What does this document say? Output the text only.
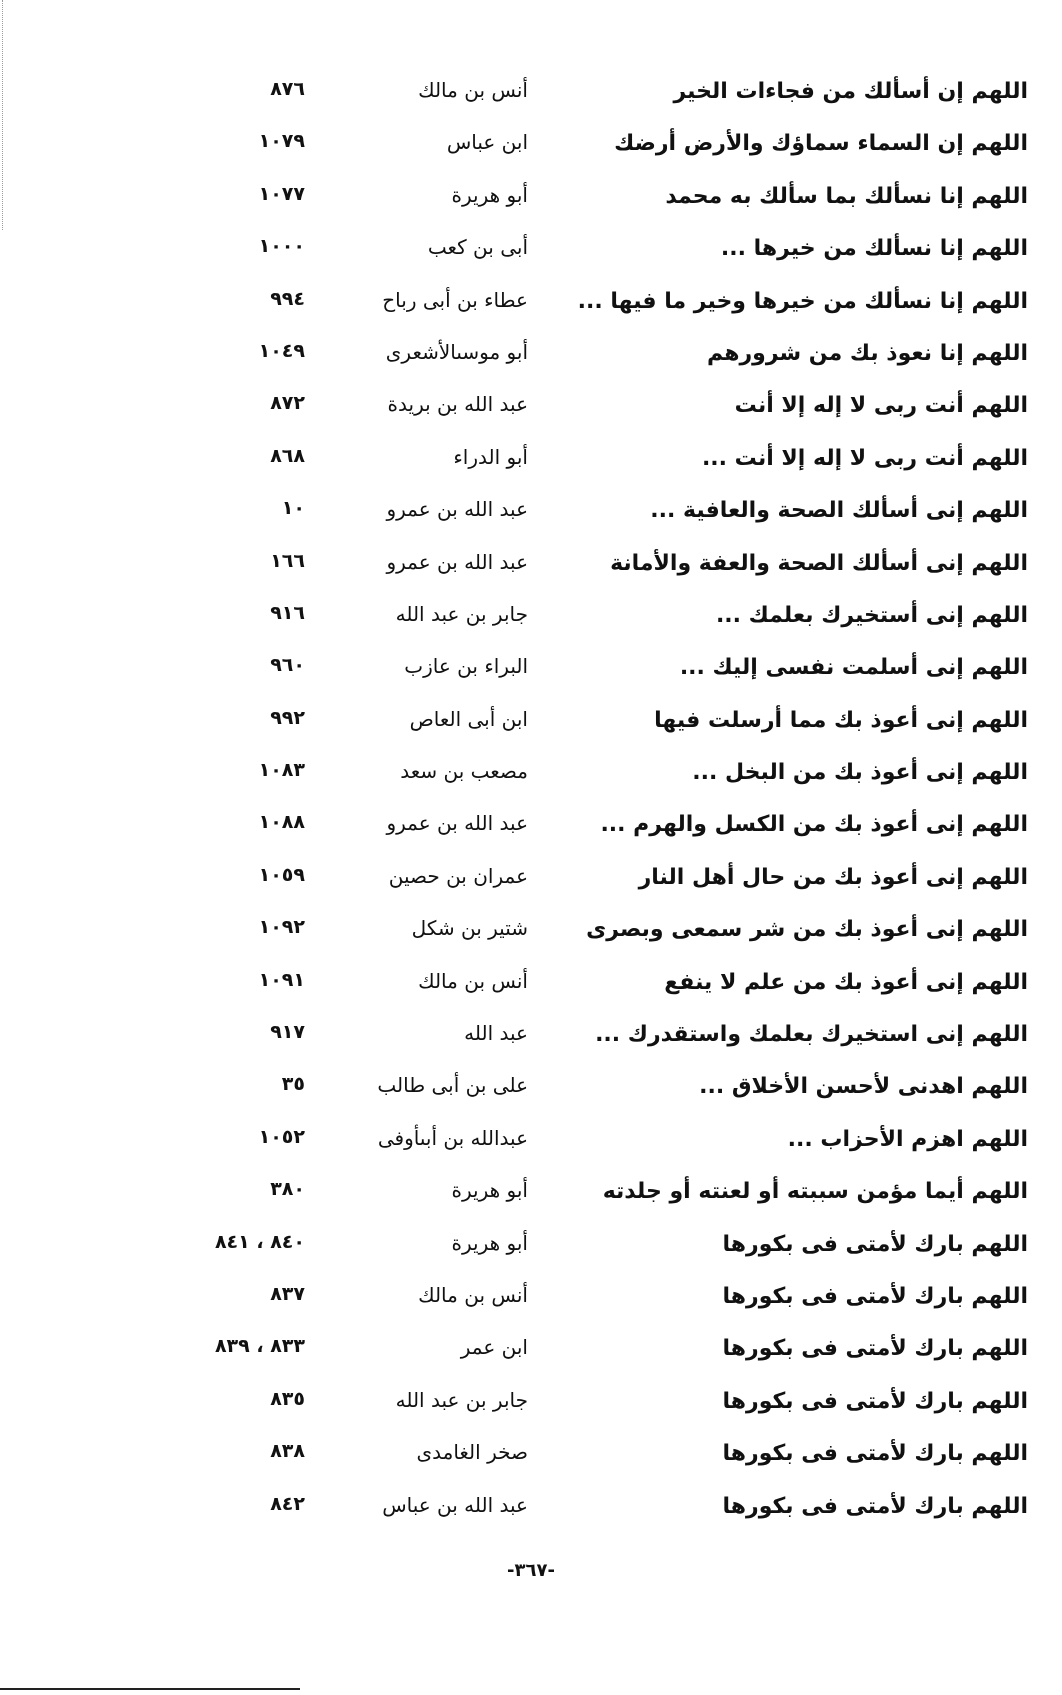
اللهم إن أسألك من فجاءات الخير
أنس بن مالك
٨٧٦
اللهم إن السماء سماؤك والأرض أرضك
ابن عباس
١٠٧٩
اللهم إنا نسألك بما سألك به محمد
أبو هريرة
١٠٧٧
اللهم إنا نسألك من خيرها ...
أبى بن كعب
١٠٠٠
اللهم إنا نسألك من خيرها وخير ما فيها ...
عطاء بن أبى رباح
٩٩٤
اللهم إنا نعوذ بك من شرورهم
أبو موسىالأشعرى
١٠٤٩
اللهم أنت ربى لا إله إلا أنت
عبد الله بن بريدة
٨٧٢
اللهم أنت ربى لا إله إلا أنت ...
أبو الدراء
٨٦٨
اللهم إنى أسألك الصحة والعافية ...
عبد الله بن عمرو
١٠
اللهم إنى أسألك الصحة والعفة والأمانة
عبد الله بن عمرو
١٦٦
اللهم إنى أستخيرك بعلمك ...
جابر بن عبد الله
٩١٦
اللهم إنى أسلمت نفسى إليك ...
البراء بن عازب
٩٦٠
اللهم إنى أعوذ بك مما أرسلت فيها
ابن أبى العاص
٩٩٢
اللهم إنى أعوذ بك من البخل ...
مصعب بن سعد
١٠٨٣
اللهم إنى أعوذ بك من الكسل والهرم ...
عبد الله بن عمرو
١٠٨٨
اللهم إنى أعوذ بك من حال أهل النار
عمران بن حصين
١٠٥٩
اللهم إنى أعوذ بك من شر سمعى وبصرى
شتير بن شكل
١٠٩٢
اللهم إنى أعوذ بك من علم لا ينفع
أنس بن مالك
١٠٩١
اللهم إنى استخيرك بعلمك واستقدرك ...
عبد الله
٩١٧
اللهم اهدنى لأحسن الأخلاق ...
على بن أبى طالب
٣٥
اللهم اهزم الأحزاب ...
عبدالله بن أبىأوفى
١٠٥٢
اللهم أيما مؤمن سببته أو لعنته أو جلدته
أبو هريرة
٣٨٠
اللهم بارك لأمتى فى بكورها
أبو هريرة
٨٤٠ ، ٨٤١
اللهم بارك لأمتى فى بكورها
أنس بن مالك
٨٣٧
اللهم بارك لأمتى فى بكورها
ابن عمر
٨٣٣ ، ٨٣٩
اللهم بارك لأمتى فى بكورها
جابر بن عبد الله
٨٣٥
اللهم بارك لأمتى فى بكورها
صخر الغامدى
٨٣٨
اللهم بارك لأمتى فى بكورها
عبد الله بن عباس
٨٤٢
-٣٦٧-
